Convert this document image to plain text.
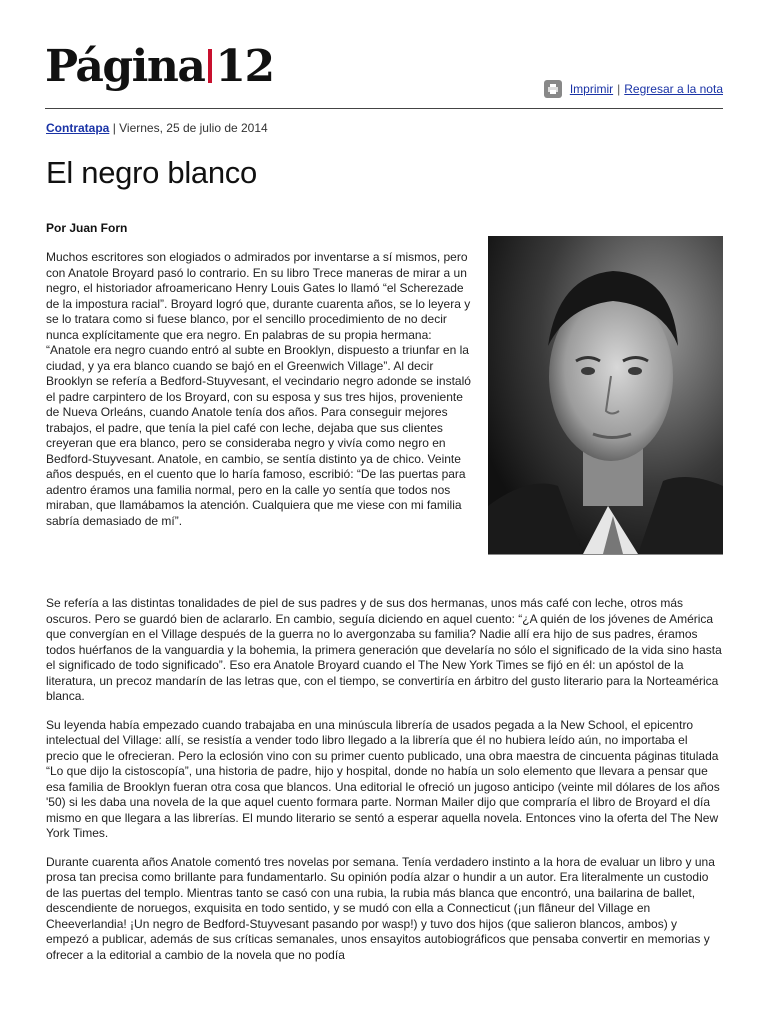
Página 12	Imprimir | Regresar a la nota
Contratapa | Viernes, 25 de julio de 2014
El negro blanco
Por Juan Forn
Muchos escritores son elogiados o admirados por inventarse a sí mismos, pero con Anatole Broyard pasó lo contrario. En su libro Trece maneras de mirar a un negro, el historiador afroamericano Henry Louis Gates lo llamó “el Scherezade de la impostura racial”. Broyard logró que, durante cuarenta años, se lo leyera y se lo tratara como si fuese blanco, por el sencillo procedimiento de no decir nunca explícitamente que era negro. En palabras de su propia hermana: “Anatole era negro cuando entró al subte en Brooklyn, dispuesto a triunfar en la ciudad, y ya era blanco cuando se bajó en el Greenwich Village”. Al decir Brooklyn se refería a Bedford-Stuyvesant, el vecindario negro adonde se instaló el padre carpintero de los Broyard, con su esposa y sus tres hijos, proveniente de Nueva Orleáns, cuando Anatole tenía dos años. Para conseguir mejores trabajos, el padre, que tenía la piel café con leche, dejaba que sus clientes creyeran que era blanco, pero se consideraba negro y vivía como negro en Bedford-Stuyvesant. Anatole, en cambio, se sentía distinto ya de chico. Veinte años después, en el cuento que lo haría famoso, escribió: “De las puertas para adentro éramos una familia normal, pero en la calle yo sentía que todos nos miraban, que llamábamos la atención. Cualquiera que me viese con mi familia sabría demasiado de mí”.

Se refería a las distintas tonalidades de piel de sus padres y de sus dos hermanas, unos más café con leche, otros más oscuros. Pero se guardó bien de aclararlo. En cambio, seguía diciendo en aquel cuento: “¿A quién de los jóvenes de América que convergían en el Village después de la guerra no lo avergonzaba su familia? Nadie allí era hijo de sus padres, éramos todos huérfanos de la vanguardia y la bohemia, la primera generación que develaría no sólo el significado de la vida sino hasta el significado de todo significado”. Eso era Anatole Broyard cuando el The New York Times se fijó en él: un apóstol de la literatura, un precoz mandarín de las letras que, con el tiempo, se convertiría en árbitro del gusto literario para la Norteamérica blanca.

Su leyenda había empezado cuando trabajaba en una minúscula librería de usados pegada a la New School, el epicentro intelectual del Village: allí, se resistía a vender todo libro llegado a la librería que él no hubiera leído aún, no importaba el precio que le ofrecieran. Pero la eclosión vino con su primer cuento publicado, una obra maestra de cincuenta páginas titulada “Lo que dijo la cistoscopía”, una historia de padre, hijo y hospital, donde no había un solo elemento que llevara a pensar que esa familia de Brooklyn fueran otra cosa que blancos. Una editorial le ofreció un jugoso anticipo (veinte mil dólares de los años '50) si les daba una novela de la que aquel cuento formara parte. Norman Mailer dijo que compraría el libro de Broyard el día mismo en que llegara a las librerías. El mundo literario se sentó a esperar aquella novela. Entonces vino la oferta del The New York Times.

Durante cuarenta años Anatole comentó tres novelas por semana. Tenía verdadero instinto a la hora de evaluar un libro y una prosa tan precisa como brillante para fundamentarlo. Su opinión podía alzar o hundir a un autor. Era literalmente un custodio de las puertas del templo. Mientras tanto se casó con una rubia, la rubia más blanca que encontró, una bailarina de ballet, descendiente de noruegos, exquisita en todo sentido, y se mudó con ella a Connecticut (¡un flâneur del Village en Cheeverlandia! ¡Un negro de Bedford-Stuyvesant pasando por wasp!) y tuvo dos hijos (que salieron blancos, ambos) y empezó a publicar, además de sus críticas semanales, unos ensayitos autobiográficos que pensaba convertir en memorias y ofrecer a la editorial a cambio de la novela que no podía
